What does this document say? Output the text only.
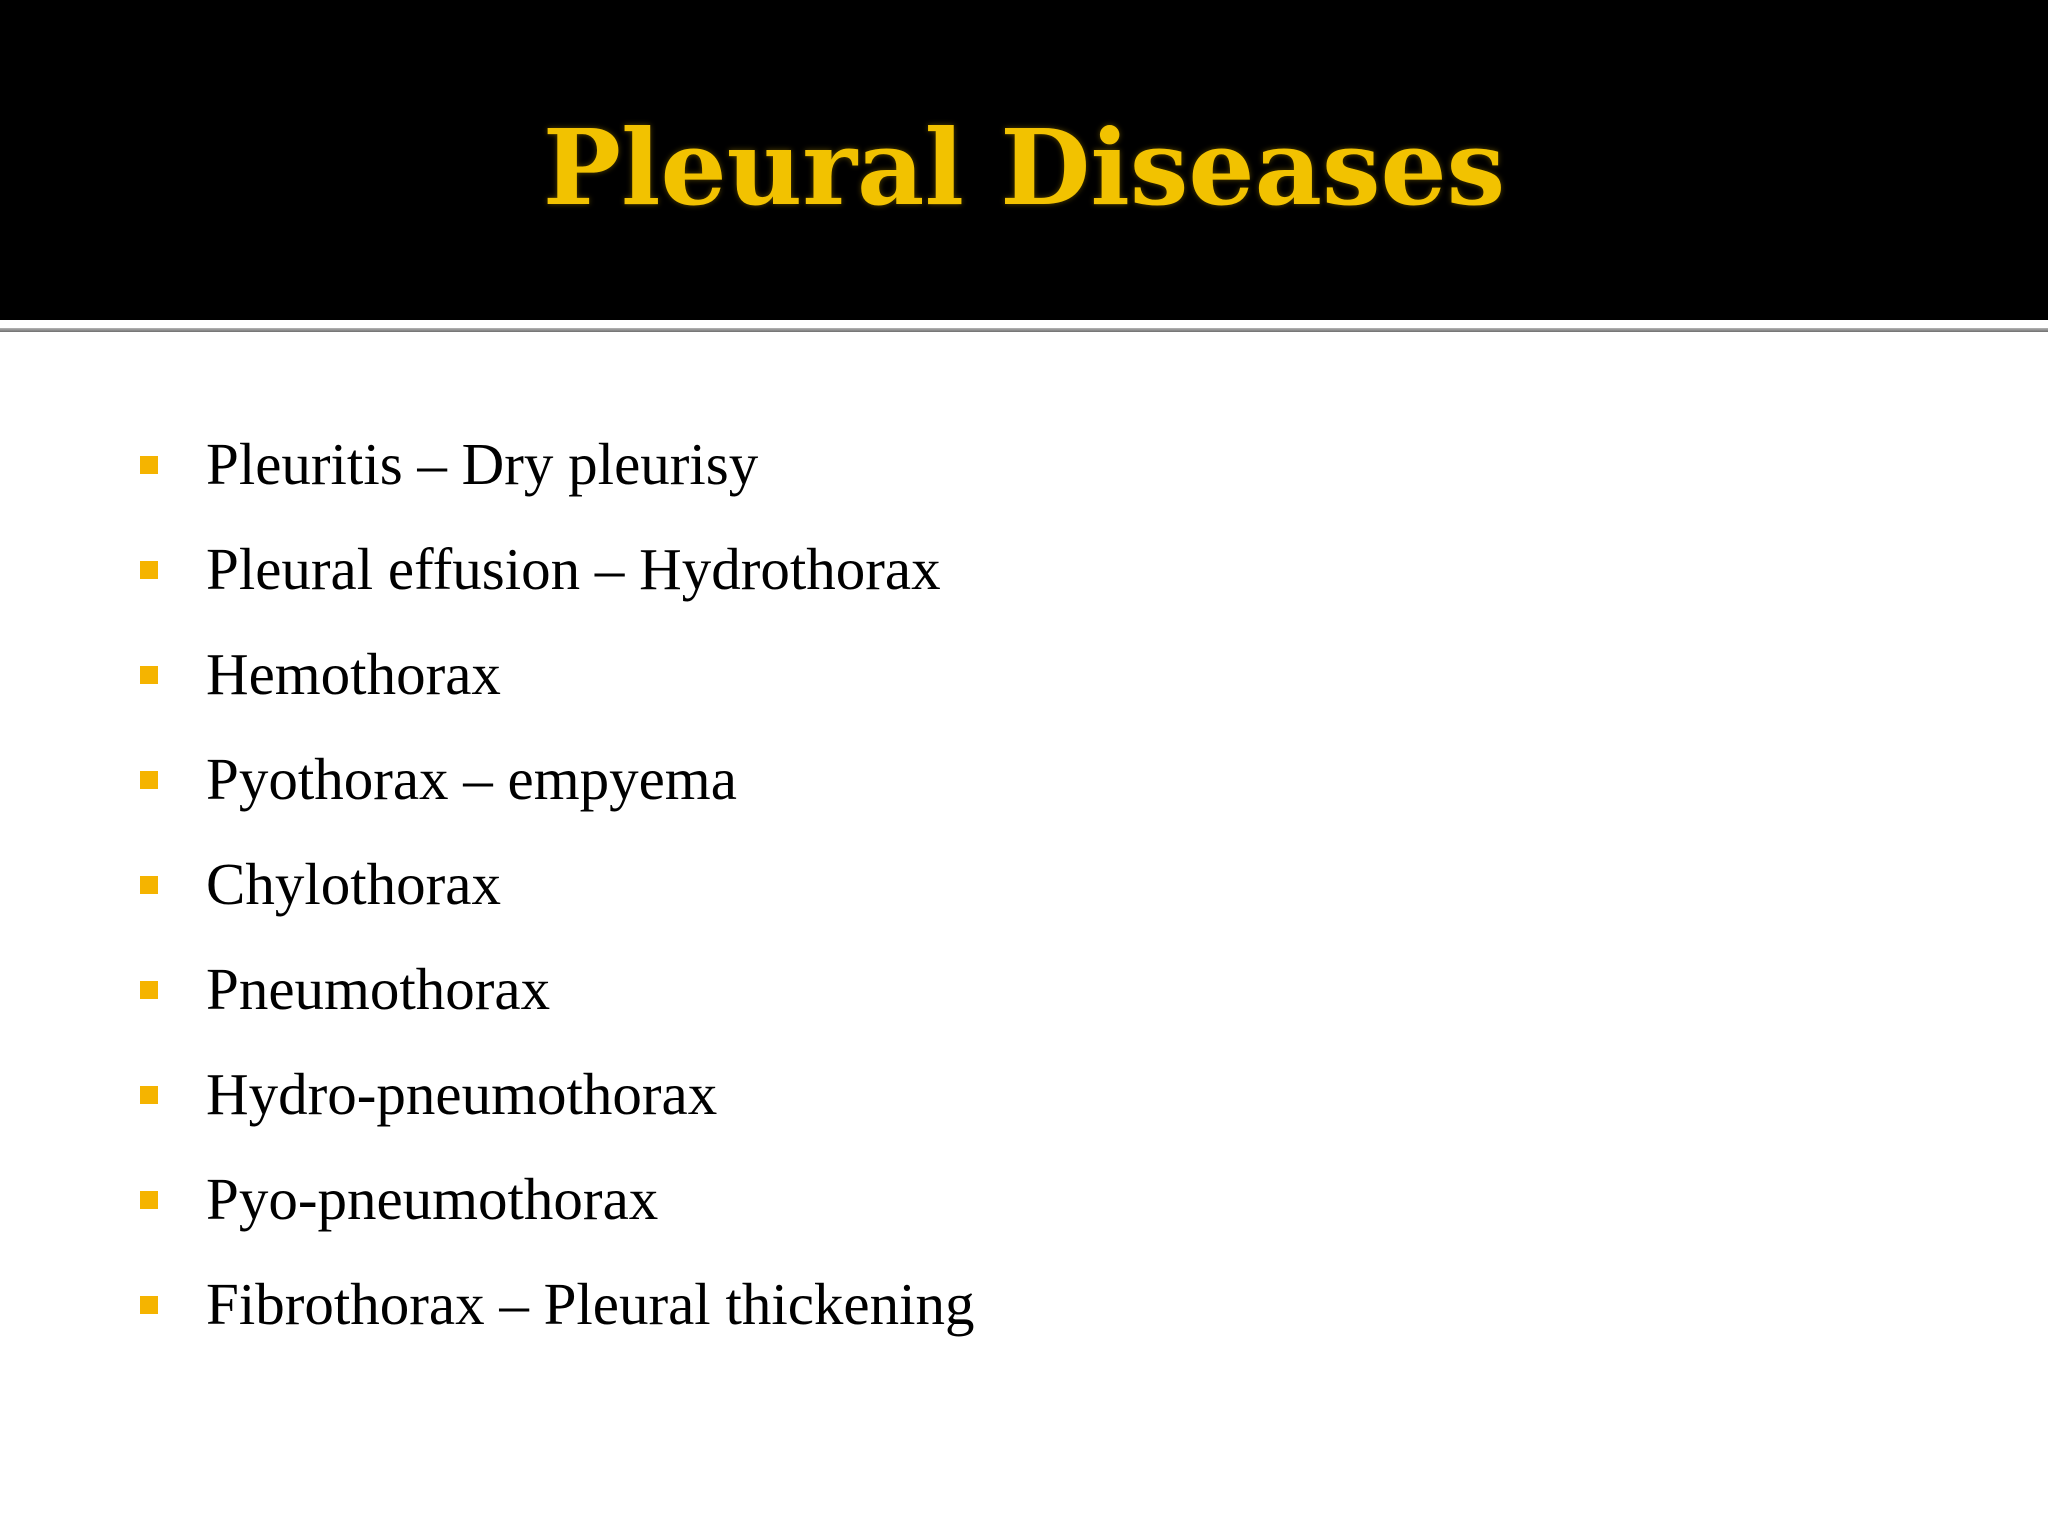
Pleural Diseases
Pleuritis – Dry pleurisy
Pleural effusion – Hydrothorax
Hemothorax
Pyothorax – empyema
Chylothorax
Pneumothorax
Hydro-pneumothorax
Pyo-pneumothorax
Fibrothorax – Pleural thickening
